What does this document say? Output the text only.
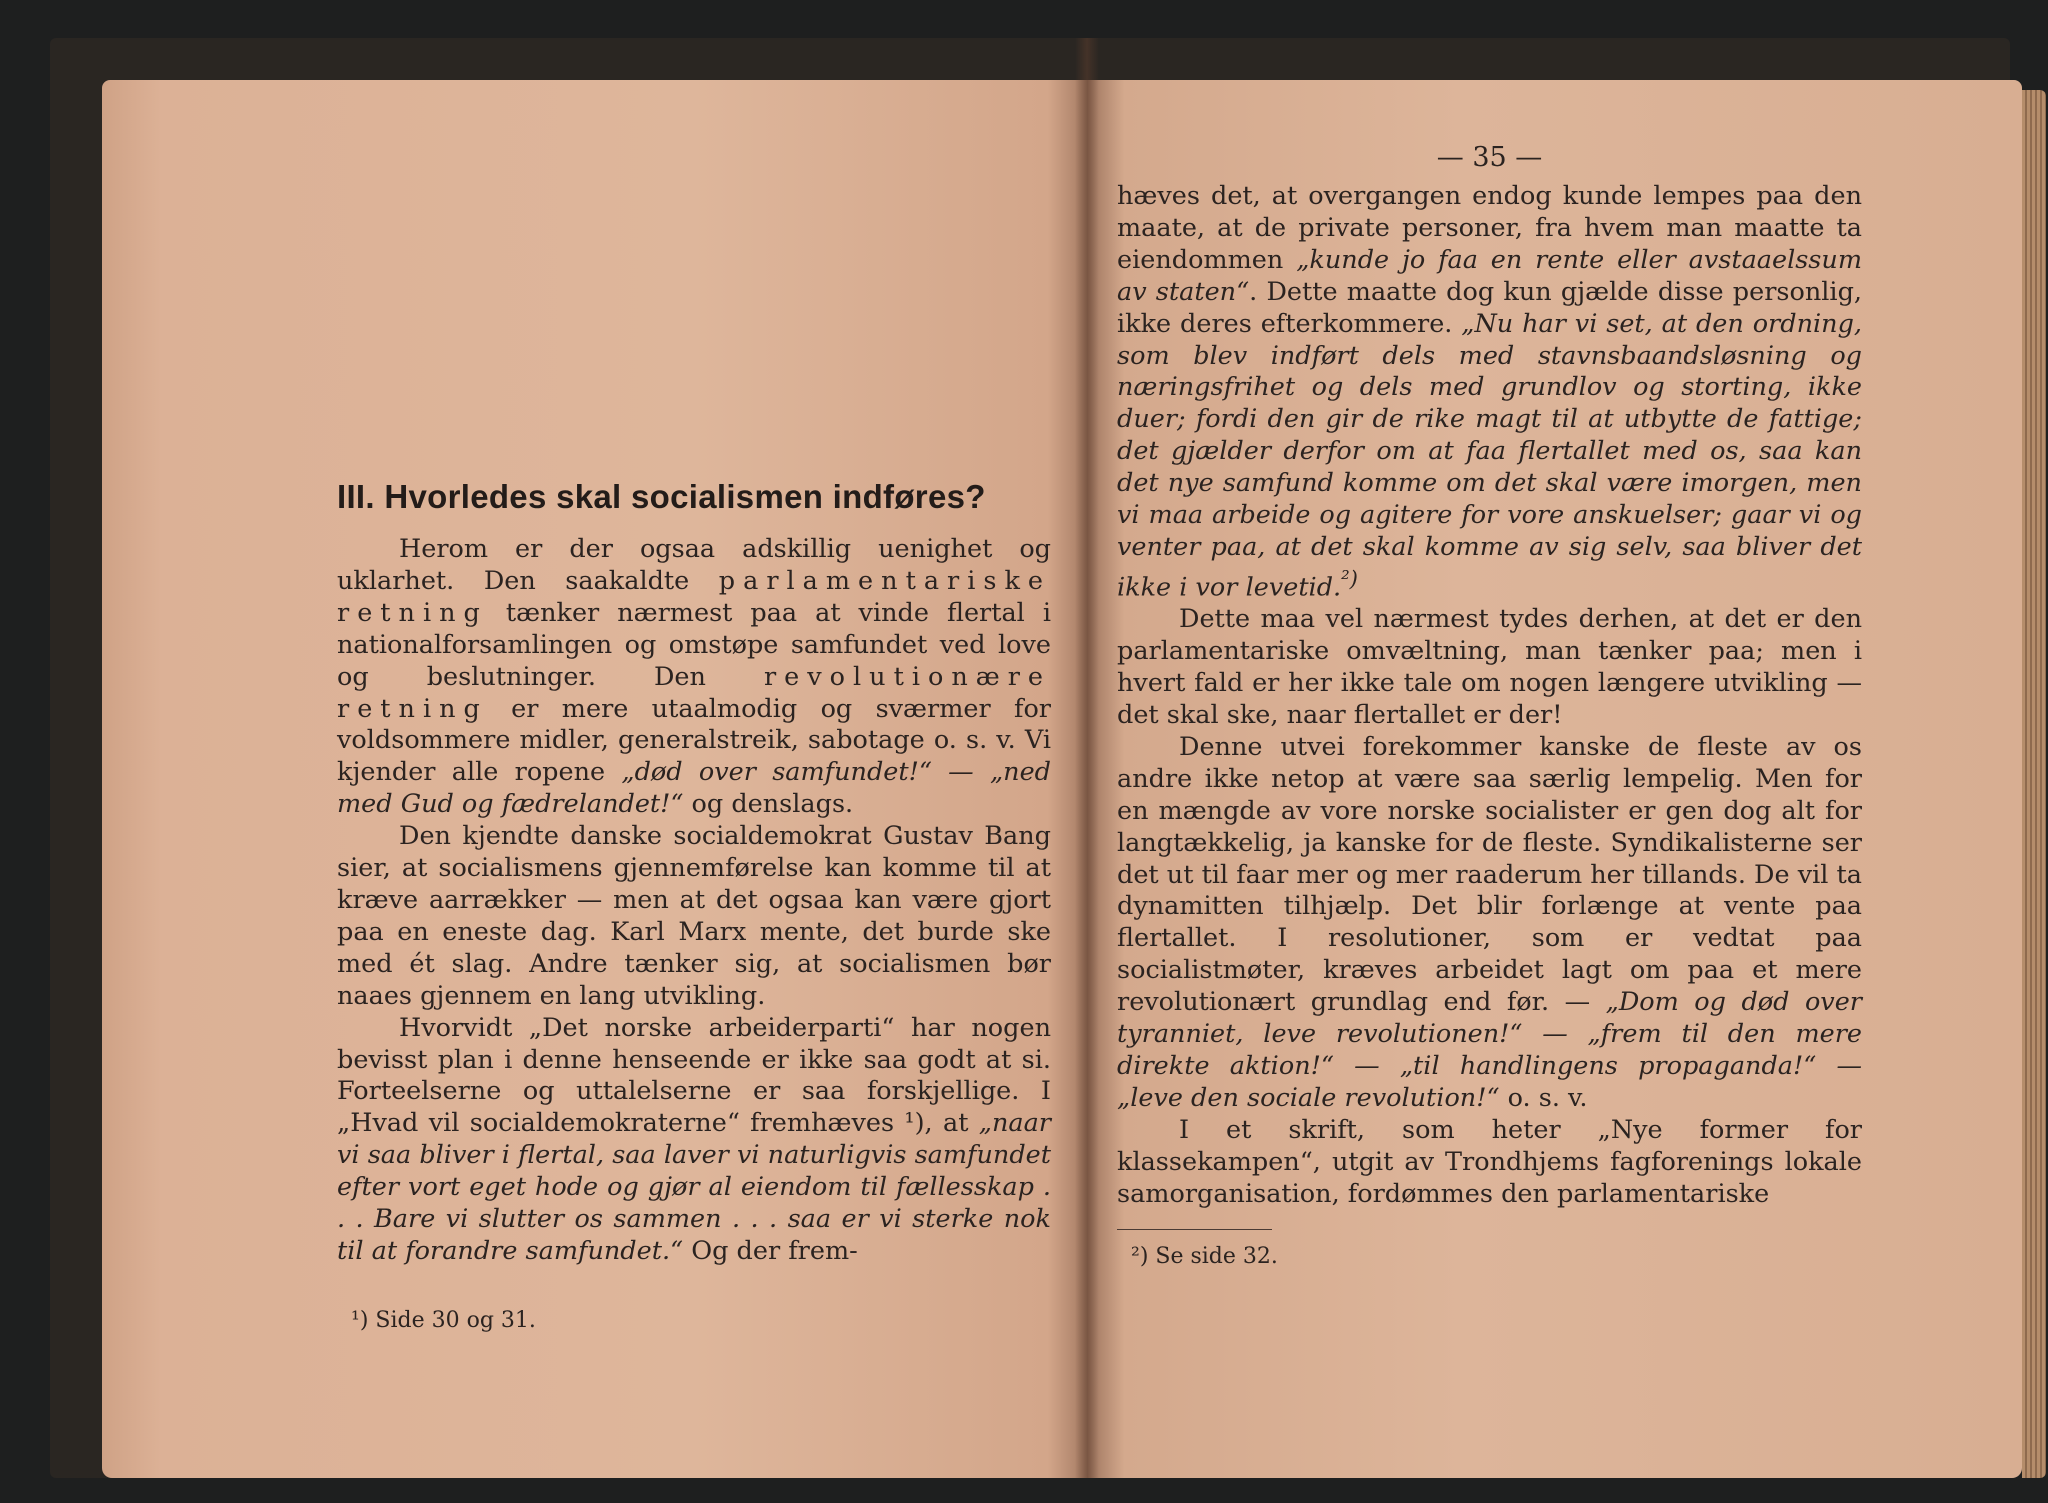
III. Hvorledes skal socialismen indføres?

Herom er der ogsaa adskillig uenighet og uklarhet. Den saakaldte parlamentariske retning tænker nærmest paa at vinde flertal i nationalforsamlingen og omstøpe samfundet ved love og beslutninger. Den revolutionære retning er mere utaalmodig og sværmer for voldsommere midler, generalstreik, sabotage o. s. v. Vi kjender alle ropene „død over samfundet!“ — „ned med Gud og fædrelandet!“ og denslags.

Den kjendte danske socialdemokrat Gustav Bang sier, at socialismens gjennemførelse kan komme til at kræve aarrækker — men at det ogsaa kan være gjort paa en eneste dag. Karl Marx mente, det burde ske med ét slag. Andre tænker sig, at socialismen bør naaes gjennem en lang utvikling.

Hvorvidt „Det norske arbeiderparti“ har nogen bevisst plan i denne henseende er ikke saa godt at si. Forteelserne og uttalelserne er saa forskjellige. I „Hvad vil socialdemokraterne“ fremhæves ¹), at „naar vi saa bliver i flertal, saa laver vi naturligvis samfundet efter vort eget hode og gjør al eiendom til fællesskap . . . Bare vi slutter os sammen . . . saa er vi sterke nok til at forandre samfundet.“ Og der frem-

¹) Side 30 og 31.
— 35 —

hæves det, at overgangen endog kunde lempes paa den maate, at de private personer, fra hvem man maatte ta eiendommen „kunde jo faa en rente eller avstaaelssum av staten“. Dette maatte dog kun gjælde disse personlig, ikke deres efterkommere. „Nu har vi set, at den ordning, som blev indført dels med stavnsbaandsløsning og næringsfrihet og dels med grundlov og storting, ikke duer; fordi den gir de rike magt til at utbytte de fattige; det gjælder derfor om at faa flertallet med os, saa kan det nye samfund komme om det skal være imorgen, men vi maa arbeide og agitere for vore anskuelser; gaar vi og venter paa, at det skal komme av sig selv, saa bliver det ikke i vor levetid.$^{^2)}$

Dette maa vel nærmest tydes derhen, at det er den parlamentariske omvæltning, man tænker paa; men i hvert fald er her ikke tale om nogen længere utvikling — det skal ske, naar flertallet er der!

Denne utvei forekommer kanske de fleste av os andre ikke netop at være saa særlig lempelig. Men for en mængde av vore norske socialister er gen dog alt for langtækkelig, ja kanske for de fleste. Syndikalisterne ser det ut til faar mer og mer raaderum her tillands. De vil ta dynamitten tilhjælp. Det blir forlænge at vente paa flertallet. I resolutioner, som er vedtat paa socialistmøter, kræves arbeidet lagt om paa et mere revolutionært grundlag end før. — „Dom og død over tyranniet, leve revolutionen!“ — „frem til den mere direkte aktion!“ — „til handlingens propaganda!“ — „leve den sociale revolution!“ o. s. v.

I et skrift, som heter „Nye former for klassekampen“, utgit av Trondhjems fagforenings lokale samorganisation, fordømmes den parlamentariske

²) Se side 32.
